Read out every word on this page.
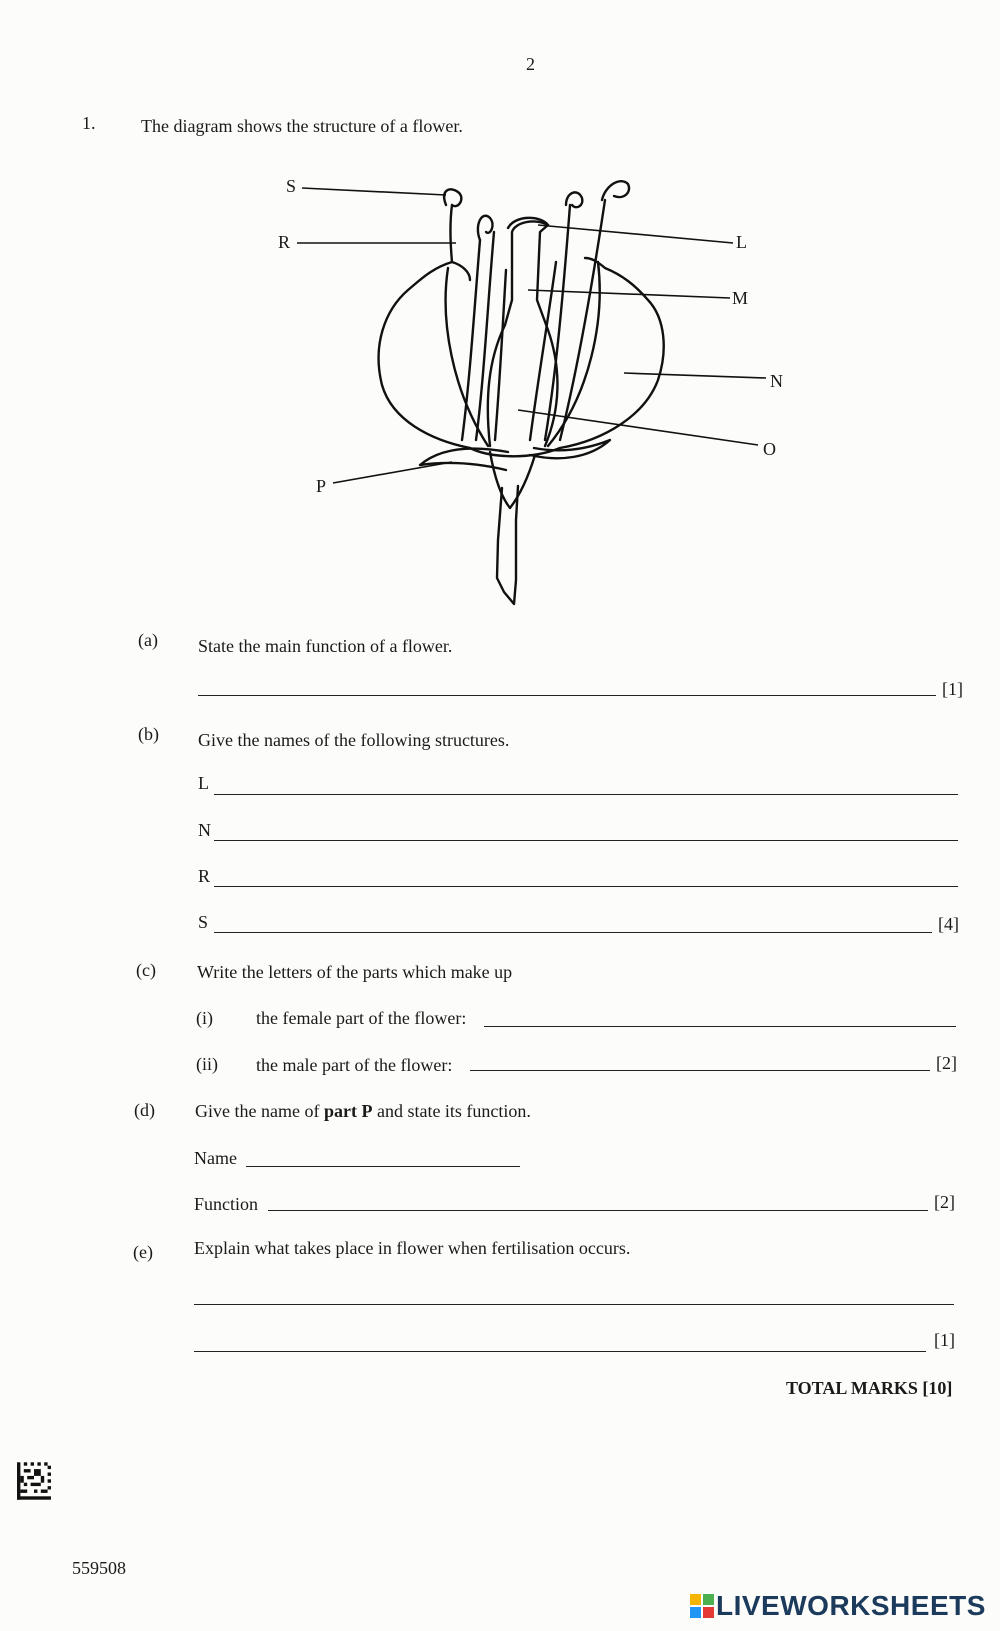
2
1.	The diagram shows the structure of a flower.
S
R	L
M
N
O
P
(a) State the main function of a flower.
[1]
(b) Give the names of the following structures.
L
N
R
S	[4]
(c) Write the letters of the parts which make up
(i) the female part of the flower:
(ii) the male part of the flower:	[2]
(d) Give the name of part P and state its function.
Name
Function	[2]
(e) Explain what takes place in flower when fertilisation occurs.
[1]
TOTAL MARKS [10]
559508
LIVEWORKSHEETS
